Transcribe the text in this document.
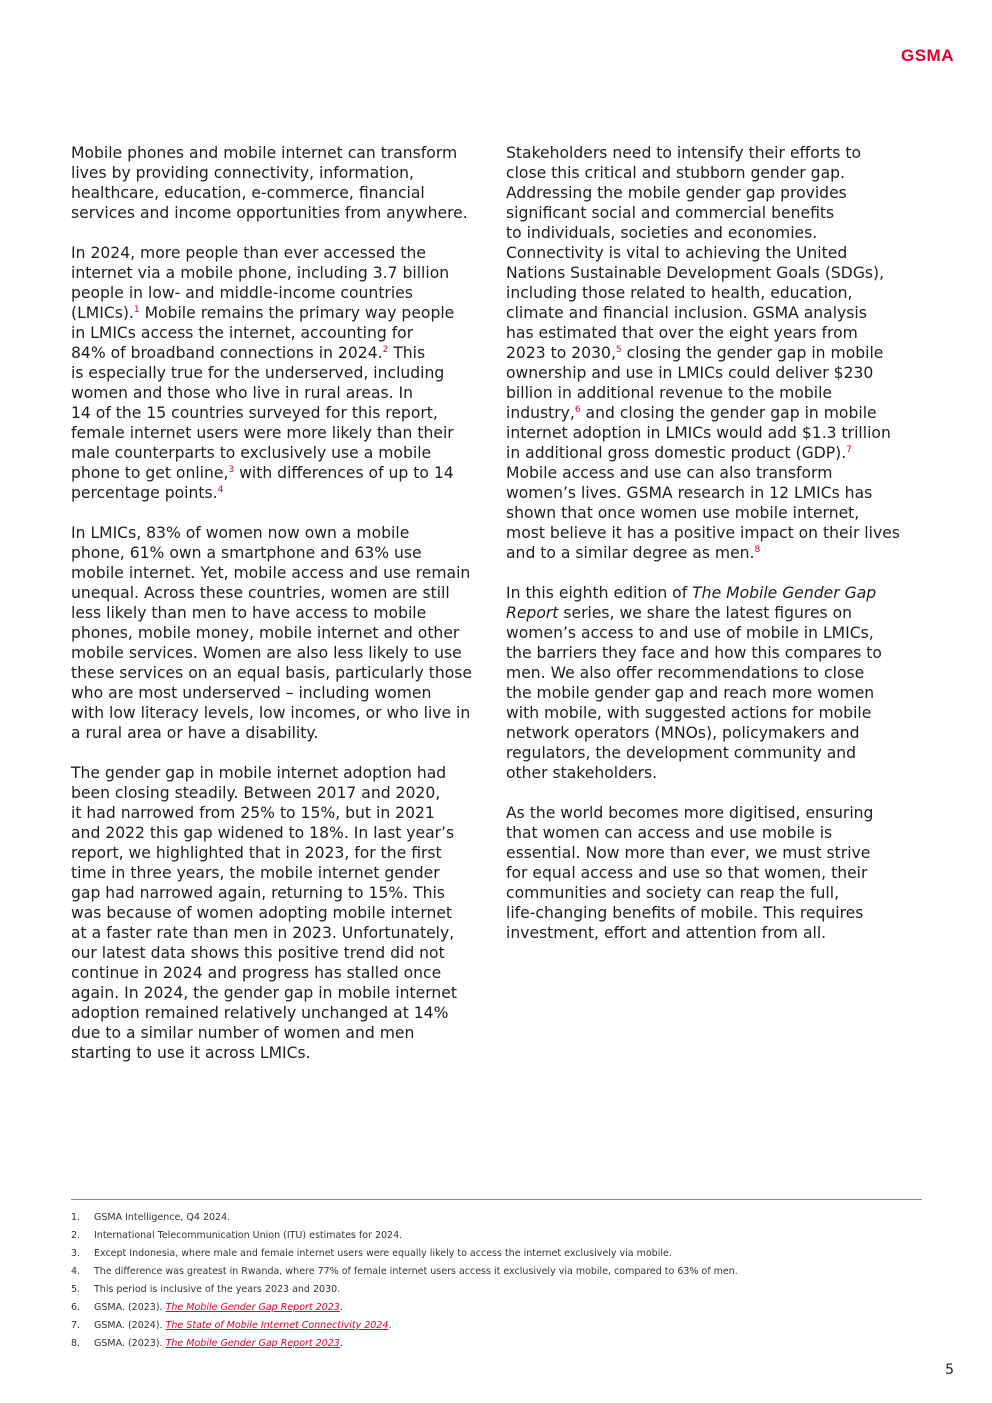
GSMA

Mobile phones and mobile internet can transform
lives by providing connectivity, information,
healthcare, education, e-commerce, financial
services and income opportunities from anywhere.

In 2024, more people than ever accessed the
internet via a mobile phone, including 3.7 billion
people in low- and middle-income countries
(LMICs).$^1$ Mobile remains the primary way people
in LMICs access the internet, accounting for
84% of broadband connections in 2024.$^2$ This
is especially true for the underserved, including
women and those who live in rural areas. In
14 of the 15 countries surveyed for this report,
female internet users were more likely than their
male counterparts to exclusively use a mobile
phone to get online,$^3$ with differences of up to 14
percentage points.$^4$

In LMICs, 83% of women now own a mobile
phone, 61% own a smartphone and 63% use
mobile internet. Yet, mobile access and use remain
unequal. Across these countries, women are still
less likely than men to have access to mobile
phones, mobile money, mobile internet and other
mobile services. Women are also less likely to use
these services on an equal basis, particularly those
who are most underserved – including women
with low literacy levels, low incomes, or who live in
a rural area or have a disability.

The gender gap in mobile internet adoption had
been closing steadily. Between 2017 and 2020,
it had narrowed from 25% to 15%, but in 2021
and 2022 this gap widened to 18%. In last year’s
report, we highlighted that in 2023, for the first
time in three years, the mobile internet gender
gap had narrowed again, returning to 15%. This
was because of women adopting mobile internet
at a faster rate than men in 2023. Unfortunately,
our latest data shows this positive trend did not
continue in 2024 and progress has stalled once
again. In 2024, the gender gap in mobile internet
adoption remained relatively unchanged at 14%
due to a similar number of women and men
starting to use it across LMICs.

Stakeholders need to intensify their efforts to
close this critical and stubborn gender gap.
Addressing the mobile gender gap provides
significant social and commercial benefits
to individuals, societies and economies.
Connectivity is vital to achieving the United
Nations Sustainable Development Goals (SDGs),
including those related to health, education,
climate and financial inclusion. GSMA analysis
has estimated that over the eight years from
2023 to 2030,$^5$ closing the gender gap in mobile
ownership and use in LMICs could deliver $230
billion in additional revenue to the mobile
industry,$^6$ and closing the gender gap in mobile
internet adoption in LMICs would add $1.3 trillion
in additional gross domestic product (GDP).$^7$
Mobile access and use can also transform
women’s lives. GSMA research in 12 LMICs has
shown that once women use mobile internet,
most believe it has a positive impact on their lives
and to a similar degree as men.$^8$

In this eighth edition of The Mobile Gender Gap
Report series, we share the latest figures on
women’s access to and use of mobile in LMICs,
the barriers they face and how this compares to
men. We also offer recommendations to close
the mobile gender gap and reach more women
with mobile, with suggested actions for mobile
network operators (MNOs), policymakers and
regulators, the development community and
other stakeholders.

As the world becomes more digitised, ensuring
that women can access and use mobile is
essential. Now more than ever, we must strive
for equal access and use so that women, their
communities and society can reap the full,
life-changing benefits of mobile. This requires
investment, effort and attention from all.

1.	GSMA Intelligence, Q4 2024.
2.	International Telecommunication Union (ITU) estimates for 2024.
3.	Except Indonesia, where male and female internet users were equally likely to access the internet exclusively via mobile.
4.	The difference was greatest in Rwanda, where 77% of female internet users access it exclusively via mobile, compared to 63% of men.
5.	This period is inclusive of the years 2023 and 2030.
6.	GSMA. (2023). The Mobile Gender Gap Report 2023.
7.	GSMA. (2024). The State of Mobile Internet Connectivity 2024.
8.	GSMA. (2023). The Mobile Gender Gap Report 2023.
5
